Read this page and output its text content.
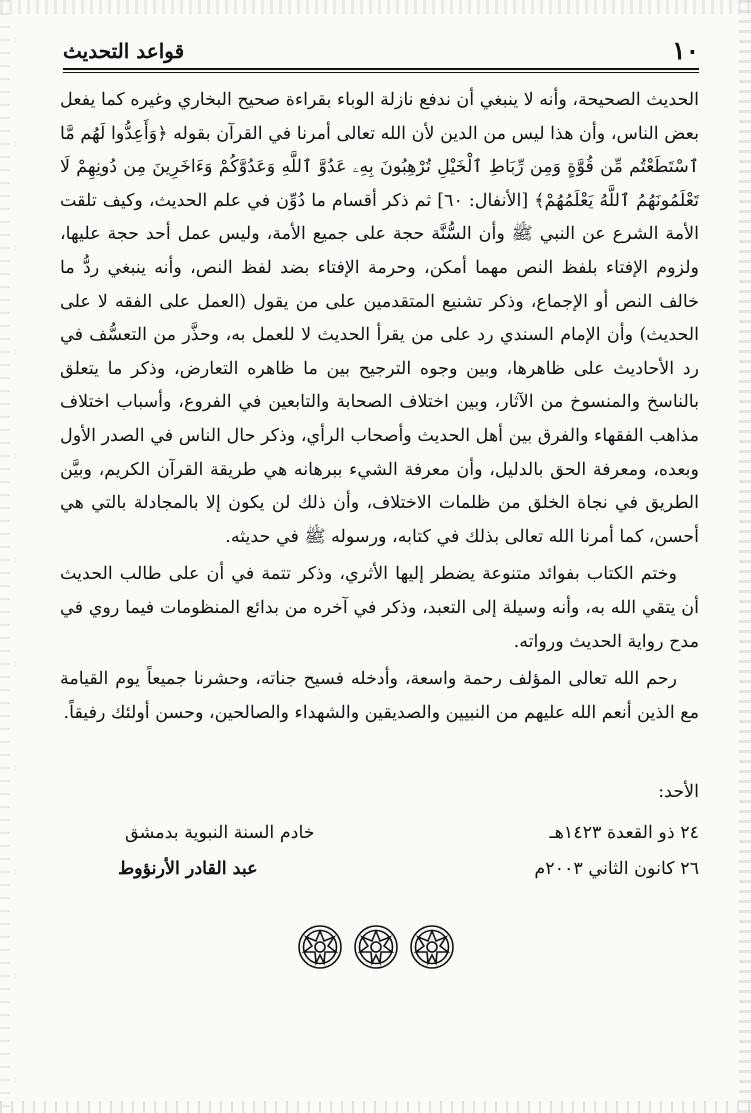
١٠
قواعد التحديث

الحديث الصحيحة، وأنه لا ينبغي أن ندفع نازلة الوباء بقراءة صحيح البخاري وغيره كما يفعل بعض الناس، وأن هذا ليس من الدين لأن الله تعالى أمرنا في القرآن بقوله ﴿وَأَعِدُّوا لَهُم مَّا ٱسْتَطَعْتُم مِّن قُوَّةٍ وَمِن رِّبَاطِ ٱلْخَيْلِ تُرْهِبُونَ بِهِۦ عَدُوَّ ٱللَّهِ وَعَدُوَّكُمْ وَءَاخَرِينَ مِن دُونِهِمْ لَا تَعْلَمُونَهُمُ ٱللَّهُ يَعْلَمُهُمْ﴾ [الأنفال: ٦٠] ثم ذكر أقسام ما دُوِّن في علم الحديث، وكيف تلقت الأمة الشرع عن النبي ﷺ وأن السُّنَّة حجة على جميع الأمة، وليس عمل أحد حجة عليها، ولزوم الإفتاء بلفظ النص مهما أمكن، وحرمة الإفتاء بضد لفظ النص، وأنه ينبغي ردُّ ما خالف النص أو الإجماع، وذكر تشنيع المتقدمين على من يقول (العمل على الفقه لا على الحديث) وأن الإمام السندي رد على من يقرأ الحديث لا للعمل به، وحذَّر من التعسُّف في رد الأحاديث على ظاهرها، وبين وجوه الترجيح بين ما ظاهره التعارض، وذكر ما يتعلق بالناسخ والمنسوخ من الآثار، وبين اختلاف الصحابة والتابعين في الفروع، وأسباب اختلاف مذاهب الفقهاء والفرق بين أهل الحديث وأصحاب الرأي، وذكر حال الناس في الصدر الأول وبعده، ومعرفة الحق بالدليل، وأن معرفة الشيء ببرهانه هي طريقة القرآن الكريم، وبيَّن الطريق في نجاة الخلق من ظلمات الاختلاف، وأن ذلك لن يكون إلا بالمجادلة بالتي هي أحسن، كما أمرنا الله تعالى بذلك في كتابه، ورسوله ﷺ في حديثه.

وختم الكتاب بفوائد متنوعة يضطر إليها الأثري، وذكر تتمة في أن على طالب الحديث أن يتقي الله به، وأنه وسيلة إلى التعبد، وذكر في آخره من بدائع المنظومات فيما روي في مدح رواية الحديث ورواته.

رحم الله تعالى المؤلف رحمة واسعة، وأدخله فسيح جناته، وحشرنا جميعاً يوم القيامة مع الذين أنعم الله عليهم من النبيين والصديقين والشهداء والصالحين، وحسن أولئك رفيقاً.

الأحد:
٢٤ ذو القعدة ١٤٢٣هـ
٢٦ كانون الثاني ٢٠٠٣م
خادم السنة النبوية بدمشق
عبد القادر الأرنؤوط
